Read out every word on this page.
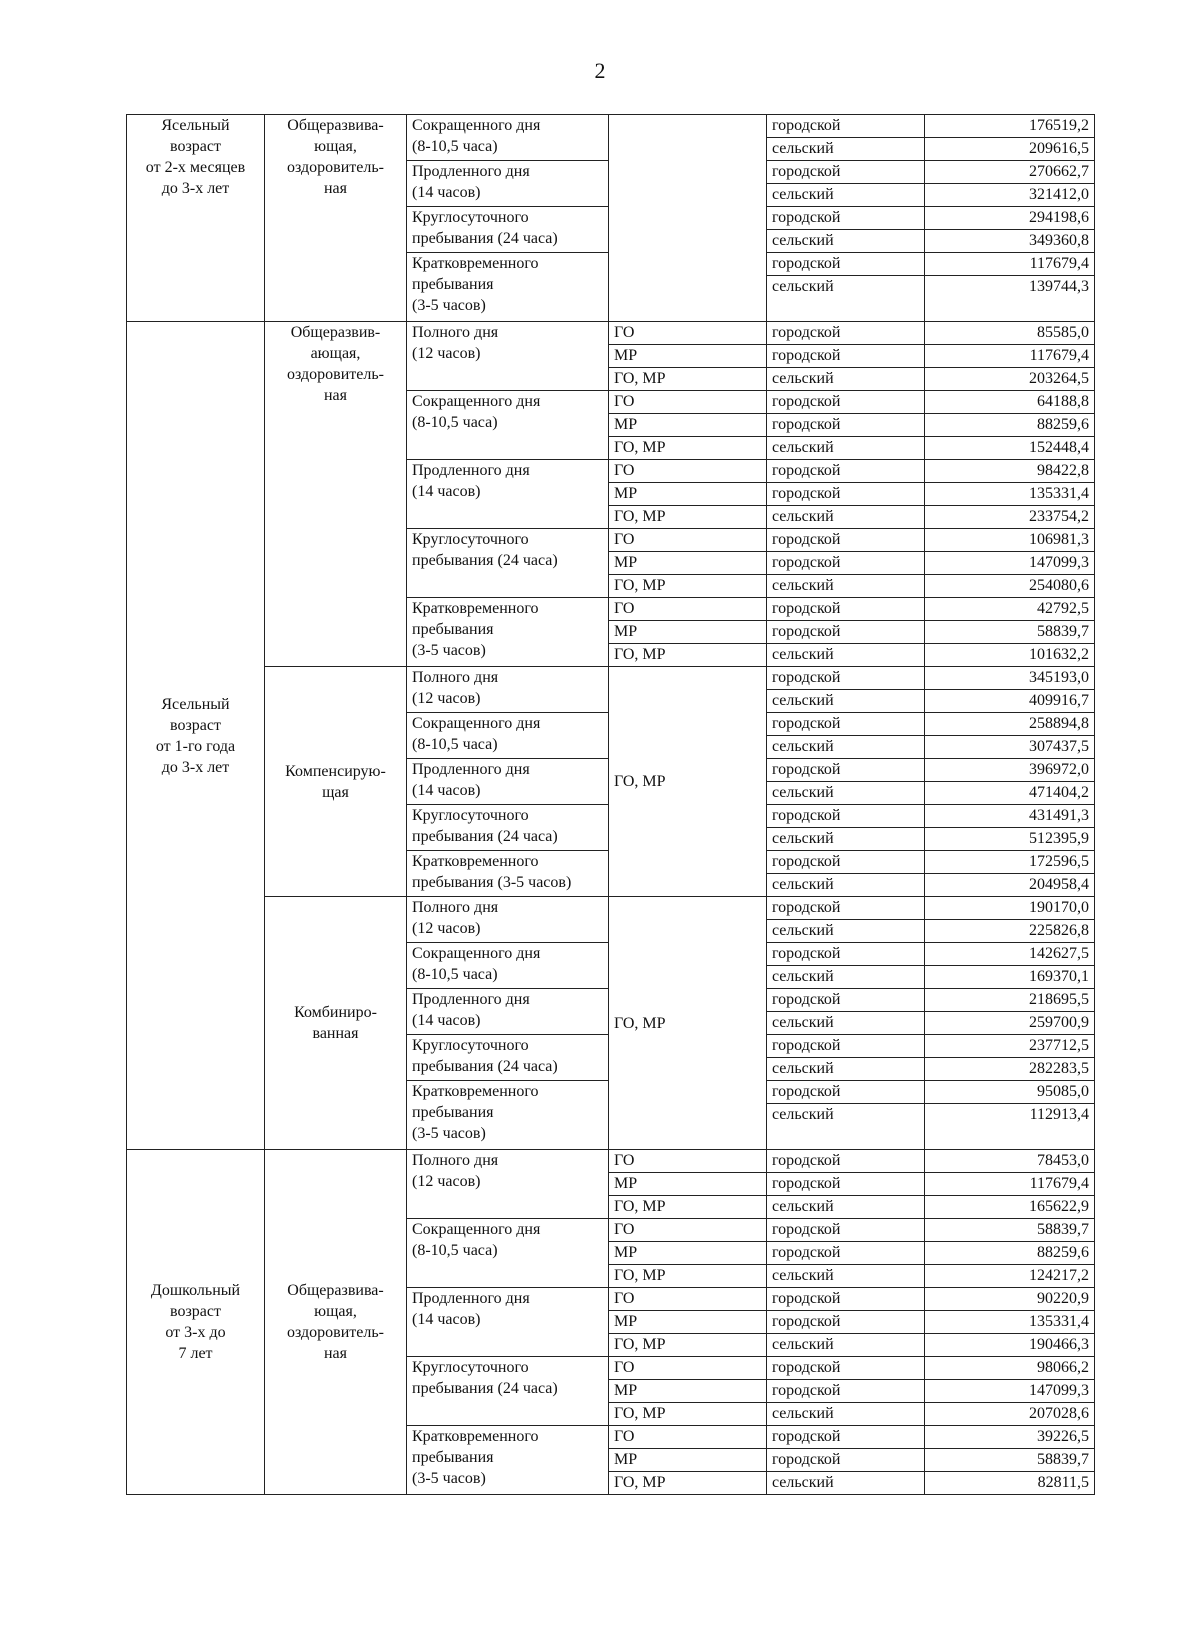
2
Ясельный
возраст
от 2-х месяцев
до 3-х лет	Общеразвива-
ющая,
оздоровитель-
ная	Сокращенного дня
(8-10,5 часа)		городской	176519,2
				сельский	209616,5
		Продленного дня
(14 часов)		городской	270662,7
				сельский	321412,0
		Круглосуточного
пребывания (24 часа)		городской	294198,6
				сельский	349360,8
		Кратковременного
пребывания
(3-5 часов)		городской	117679,4
				сельский	139744,3
Ясельный
возраст
от 1-го года
до 3-х лет	Общеразвив-
ающая,
оздоровитель-
ная	Полного дня
(12 часов)	ГО	городской	85585,0
			МР	городской	117679,4
			ГО, МР	сельский	203264,5
		Сокращенного дня
(8-10,5 часа)	ГО	городской	64188,8
			МР	городской	88259,6
			ГО, МР	сельский	152448,4
		Продленного дня
(14 часов)	ГО	городской	98422,8
			МР	городской	135331,4
			ГО, МР	сельский	233754,2
		Круглосуточного
пребывания (24 часа)	ГО	городской	106981,3
			МР	городской	147099,3
			ГО, МР	сельский	254080,6
		Кратковременного
пребывания
(3-5 часов)	ГО	городской	42792,5
			МР	городской	58839,7
			ГО, МР	сельский	101632,2
	Компенсирую-
щая	Полного дня
(12 часов)	ГО, МР	городской	345193,0
				сельский	409916,7
		Сокращенного дня
(8-10,5 часа)		городской	258894,8
				сельский	307437,5
		Продленного дня
(14 часов)		городской	396972,0
				сельский	471404,2
		Круглосуточного
пребывания (24 часа)		городской	431491,3
				сельский	512395,9
		Кратковременного
пребывания (3-5 часов)		городской	172596,5
				сельский	204958,4
	Комбиниро-
ванная	Полного дня
(12 часов)	ГО, МР	городской	190170,0
				сельский	225826,8
		Сокращенного дня
(8-10,5 часа)		городской	142627,5
				сельский	169370,1
		Продленного дня
(14 часов)		городской	218695,5
				сельский	259700,9
		Круглосуточного
пребывания (24 часа)		городской	237712,5
				сельский	282283,5
		Кратковременного
пребывания
(3-5 часов)		городской	95085,0
				сельский	112913,4
Дошкольный
возраст
от 3-х до
7 лет	Общеразвива-
ющая,
оздоровитель-
ная	Полного дня
(12 часов)	ГО	городской	78453,0
			МР	городской	117679,4
			ГО, МР	сельский	165622,9
		Сокращенного дня
(8-10,5 часа)	ГО	городской	58839,7
			МР	городской	88259,6
			ГО, МР	сельский	124217,2
		Продленного дня
(14 часов)	ГО	городской	90220,9
			МР	городской	135331,4
			ГО, МР	сельский	190466,3
		Круглосуточного
пребывания (24 часа)	ГО	городской	98066,2
			МР	городской	147099,3
			ГО, МР	сельский	207028,6
		Кратковременного
пребывания
(3-5 часов)	ГО	городской	39226,5
			МР	городской	58839,7
			ГО, МР	сельский	82811,5
